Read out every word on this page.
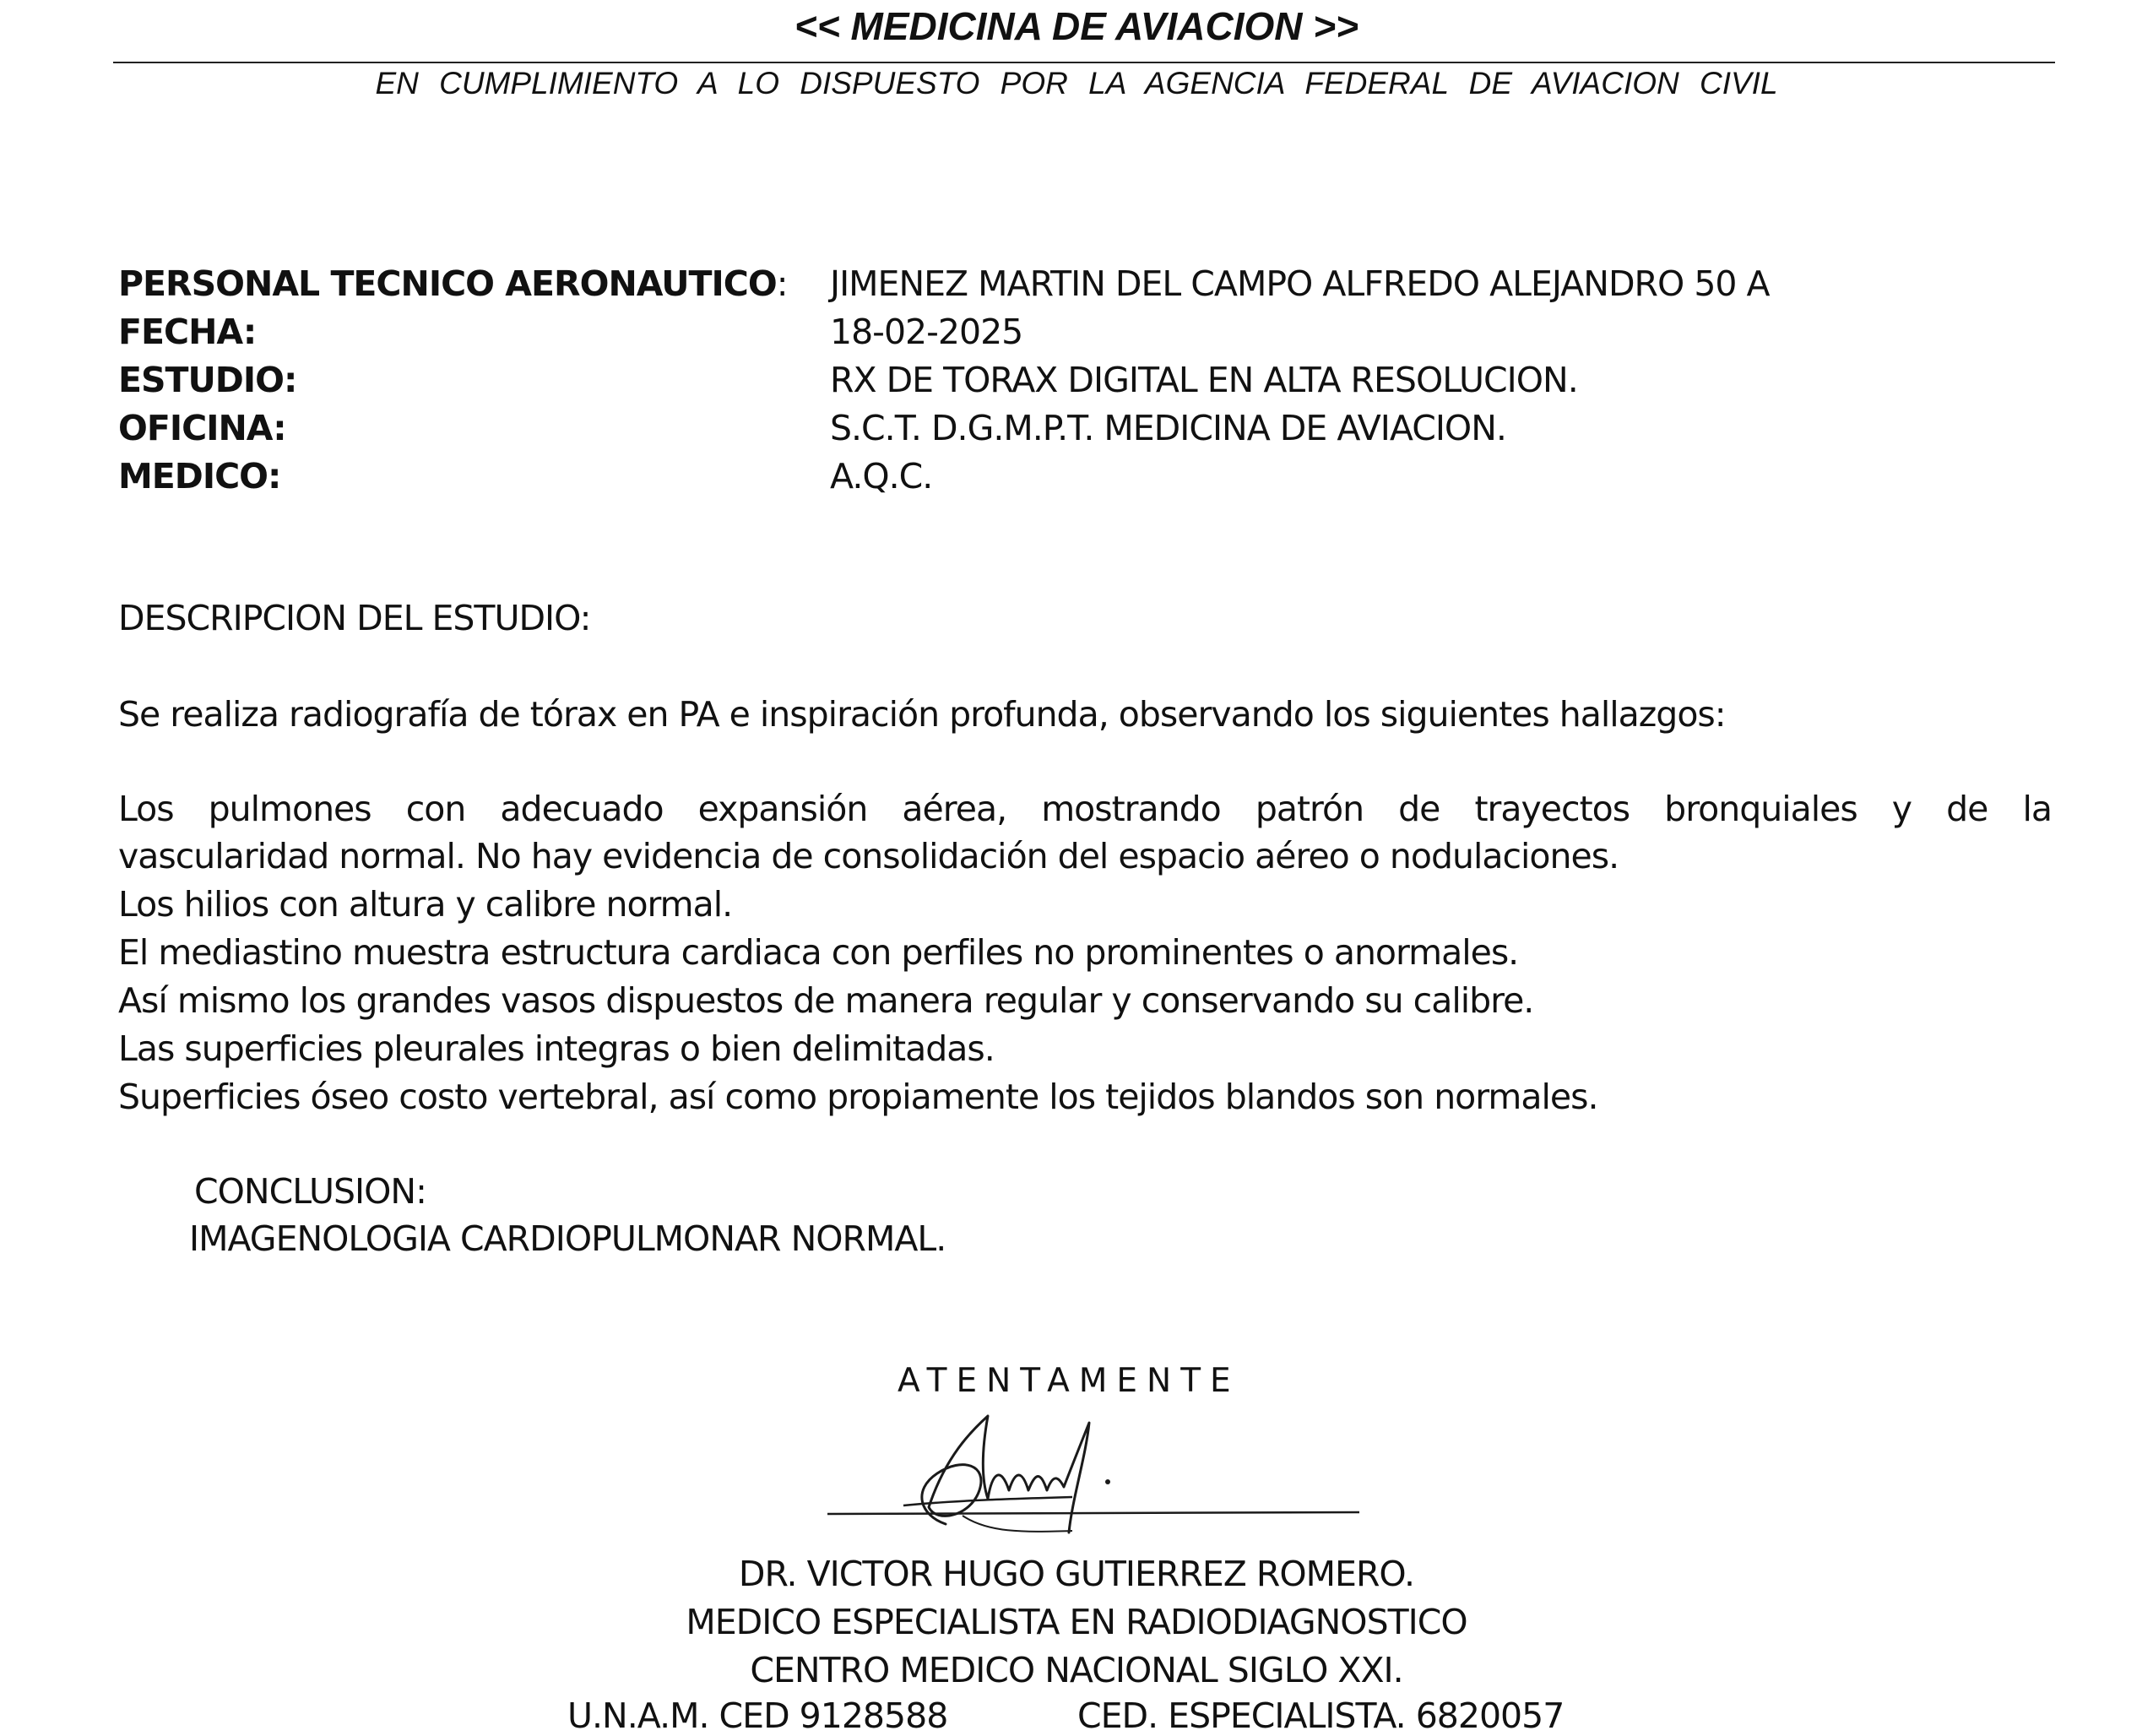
<< MEDICINA DE AVIACION >>
EN CUMPLIMIENTO A LO DISPUESTO POR LA AGENCIA FEDERAL DE AVIACION CIVIL
PERSONAL TECNICO AERONAUTICO: JIMENEZ MARTIN DEL CAMPO ALFREDO ALEJANDRO 50 A
FECHA:	18-02-2025
ESTUDIO:	RX DE TORAX DIGITAL EN ALTA RESOLUCION.
OFICINA:	S.C.T. D.G.M.P.T. MEDICINA DE AVIACION.
MEDICO:	A.Q.C.
DESCRIPCION DEL ESTUDIO:
Se realiza radiografía de tórax en PA e inspiración profunda, observando los siguientes hallazgos:
Los pulmones con adecuado expansión aérea, mostrando patrón de trayectos bronquiales y de la
vascularidad normal. No hay evidencia de consolidación del espacio aéreo o nodulaciones.
Los hilios con altura y calibre normal.
El mediastino muestra estructura cardiaca con perfiles no prominentes o anormales.
Así mismo los grandes vasos dispuestos de manera regular y conservando su calibre.
Las superficies pleurales integras o bien delimitadas.
Superficies óseo costo vertebral, así como propiamente los tejidos blandos son normales.
CONCLUSION:
IMAGENOLOGIA CARDIOPULMONAR NORMAL.
ATENTAMENTE
DR. VICTOR HUGO GUTIERREZ ROMERO.
MEDICO ESPECIALISTA EN RADIODIAGNOSTICO
CENTRO MEDICO NACIONAL SIGLO XXI.
U.N.A.M. CED 9128588	CED. ESPECIALISTA. 6820057
